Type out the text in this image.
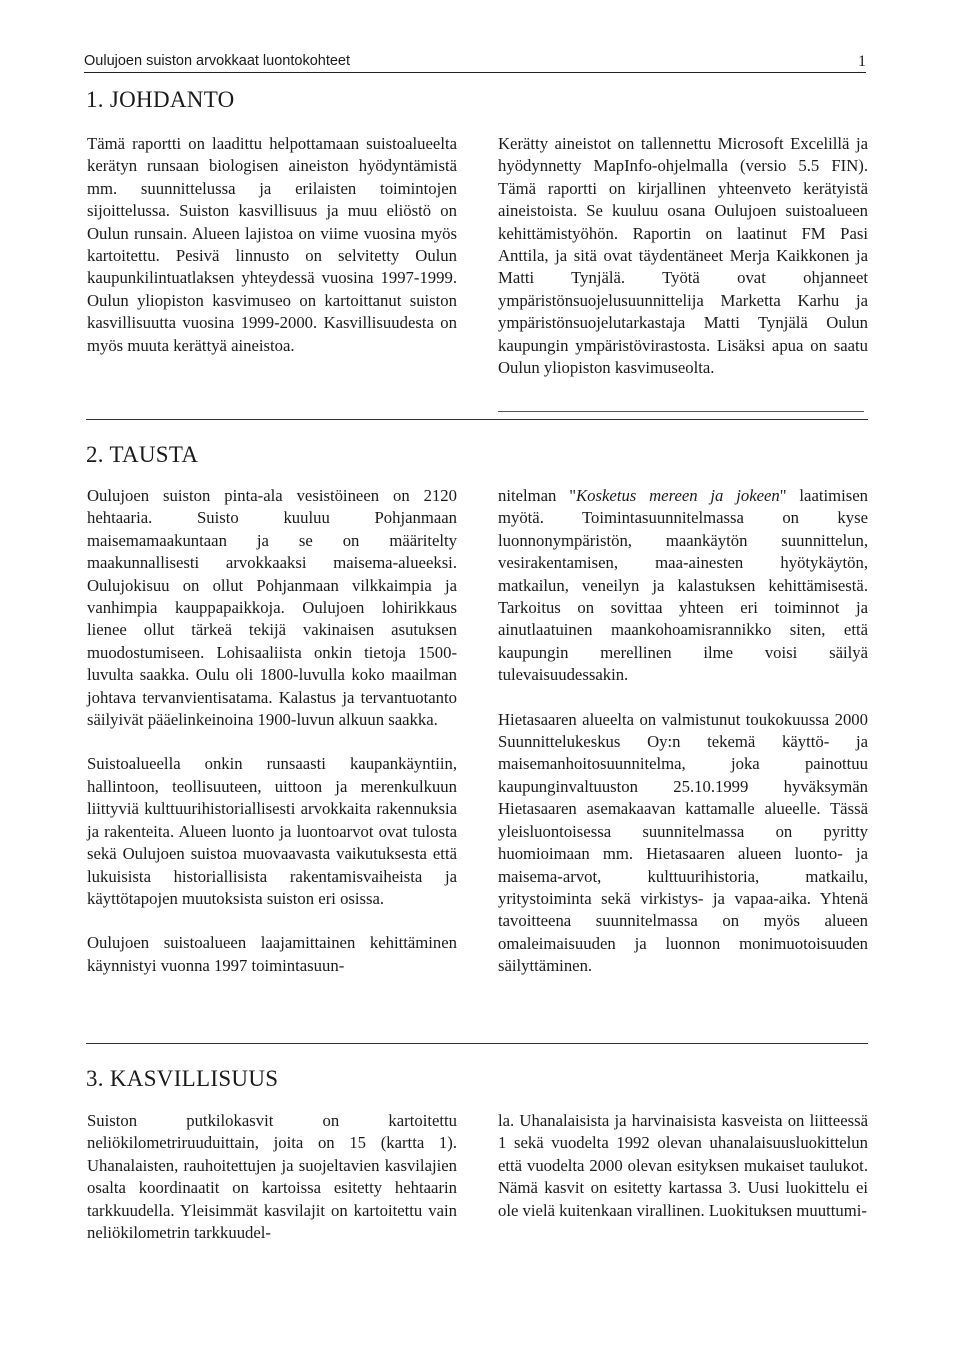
Oulujoen suiston arvokkaat luontokohteet	1
1. JOHDANTO

Tämä raportti on laadittu helpottamaan suistoalueelta kerätyn runsaan biologisen aineiston hyödyntämistä mm. suunnittelussa ja erilaisten toimintojen sijoittelussa. Suiston kasvillisuus ja muu eliöstö on Oulun runsain. Alueen lajistoa on viime vuosina myös kartoitettu. Pesivä linnusto on selvitetty Oulun kaupunkilintuatlaksen yhteydessä vuosina 1997-1999. Oulun yliopiston kasvimuseo on kartoittanut suiston kasvillisuutta vuosina 1999-2000. Kasvillisuudesta on myös muuta kerättyä aineistoa.

Kerätty aineistot on tallennettu Microsoft Excelillä ja hyödynnetty MapInfo-ohjelmalla (versio 5.5 FIN). Tämä raportti on kirjallinen yhteenveto kerätyistä aineistoista. Se kuuluu osana Oulujoen suistoalueen kehittämistyöhön. Raportin on laatinut FM Pasi Anttila, ja sitä ovat täydentäneet Merja Kaikkonen ja Matti Tynjälä. Työtä ovat ohjanneet ympäristönsuojelusuunnittelija Marketta Karhu ja ympäristönsuojelutarkastaja Matti Tynjälä Oulun kaupungin ympäristövirastosta. Lisäksi apua on saatu Oulun yliopiston kasvimuseolta.

2. TAUSTA

Oulujoen suiston pinta-ala vesistöineen on 2120 hehtaaria. Suisto kuuluu Pohjanmaan maisemamaakuntaan ja se on määritelty maakunnallisesti arvokkaaksi maisema-alueeksi. Oulujokisuu on ollut Pohjanmaan vilkkaimpia ja vanhimpia kauppapaikkoja. Oulujoen lohirikkaus lienee ollut tärkeä tekijä vakinaisen asutuksen muodostumiseen. Lohisaaliista onkin tietoja 1500-luvulta saakka. Oulu oli 1800-luvulla koko maailman johtava tervanvientisatama. Kalastus ja tervantuotanto säilyivät pääelinkeinoina 1900-luvun alkuun saakka.

Suistoalueella onkin runsaasti kaupankäyntiin, hallintoon, teollisuuteen, uittoon ja merenkulkuun liittyviä kulttuurihistoriallisesti arvokkaita rakennuksia ja rakenteita. Alueen luonto ja luontoarvot ovat tulosta sekä Oulujoen suistoa muovaavasta vaikutuksesta että lukuisista historiallisista rakentamisvaiheista ja käyttötapojen muutoksista suiston eri osissa.

Oulujoen suistoalueen laajamittainen kehittäminen käynnistyi vuonna 1997 toimintasuun-

nitelman "Kosketus mereen ja jokeen" laatimisen myötä. Toimintasuunnitelmassa on kyse luonnonympäristön, maankäytön suunnittelun, vesirakentamisen, maa-ainesten hyötykäytön, matkailun, veneilyn ja kalastuksen kehittämisestä. Tarkoitus on sovittaa yhteen eri toiminnot ja ainutlaatuinen maankohoamisrannikko siten, että kaupungin merellinen ilme voisi säilyä tulevaisuudessakin.

Hietasaaren alueelta on valmistunut toukokuussa 2000 Suunnittelukeskus Oy:n tekemä käyttö- ja maisemanhoitosuunnitelma, joka painottuu kaupunginvaltuuston 25.10.1999 hyväksymän Hietasaaren asemakaavan kattamalle alueelle. Tässä yleisluontoisessa suunnitelmassa on pyritty huomioimaan mm. Hietasaaren alueen luonto- ja maisema-arvot, kulttuurihistoria, matkailu, yritystoiminta sekä virkistys- ja vapaa-aika. Yhtenä tavoitteena suunnitelmassa on myös alueen omaleimaisuuden ja luonnon monimuotoisuuden säilyttäminen.

3. KASVILLISUUS

Suiston putkilokasvit on kartoitettu neliökilometriruuduittain, joita on 15 (kartta 1). Uhanalaisten, rauhoitettujen ja suojeltavien kasvilajien osalta koordinaatit on kartoissa esitetty hehtaarin tarkkuudella. Yleisimmät kasvilajit on kartoitettu vain neliökilometrin tarkkuudel-

la. Uhanalaisista ja harvinaisista kasveista on liitteessä 1 sekä vuodelta 1992 olevan uhanalaisuusluokittelun että vuodelta 2000 olevan esityksen mukaiset taulukot. Nämä kasvit on esitetty kartassa 3. Uusi luokittelu ei ole vielä kuitenkaan virallinen. Luokituksen muuttumi-
